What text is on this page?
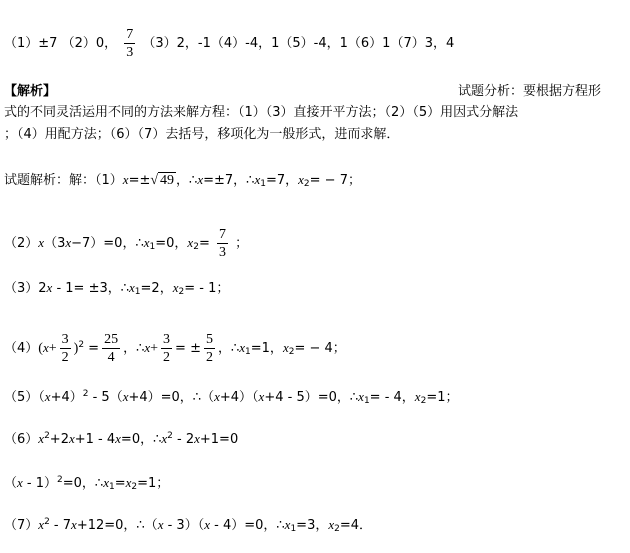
（1）±7 （2）0， $\frac{7}{3} (3)2$，-1（4）-4，1（5）-4，1（6）1（7）3，4
【解析】	试题分析：要根据方程形
式的不同灵活运用不同的方法来解方程：（1）（3）直接开平方法；（2）（5）用因式分解法
；（4）用配方法；（6）（7）去括号，移项化为一般形式，进而求解．
试题解析：解：（1）x=±√ 49 ，∴x=±7，$\therefore x_1=7$，$x_2= - 7$；
（2）x（3x−7）=0，$\therefore x_1=0$，$x_2= \frac{7}{3}$ ；
（3）2x - 1= ±3，$\therefore x_1=2$，$x_2= - 1$；
$(4)(x+ \frac{3}{2} )^2 = \frac{25}{4}$ ，∴x+ $\frac{3}{2}$ = ± $\frac{5}{2}$ ，$\therefore x_1=1$，$x_2= - 4$；
$(5)(x+4)^2 - 5(x+4)=0$，∴（x+4）（x+4 - 5）=0，$\therefore x_1= - 4$，$x_2=1$；
$(6)x^2+2x+1 - 4x=0$，$\therefore x^2 - 2x+1=0$
（x - 1）$^2$=0，$\therefore x_1=x_2=1$；
$(7)x^2 - 7x+12=0$，∴（x - 3）（x - 4）=0，$\therefore x_1=3$，$x_2=4$．
